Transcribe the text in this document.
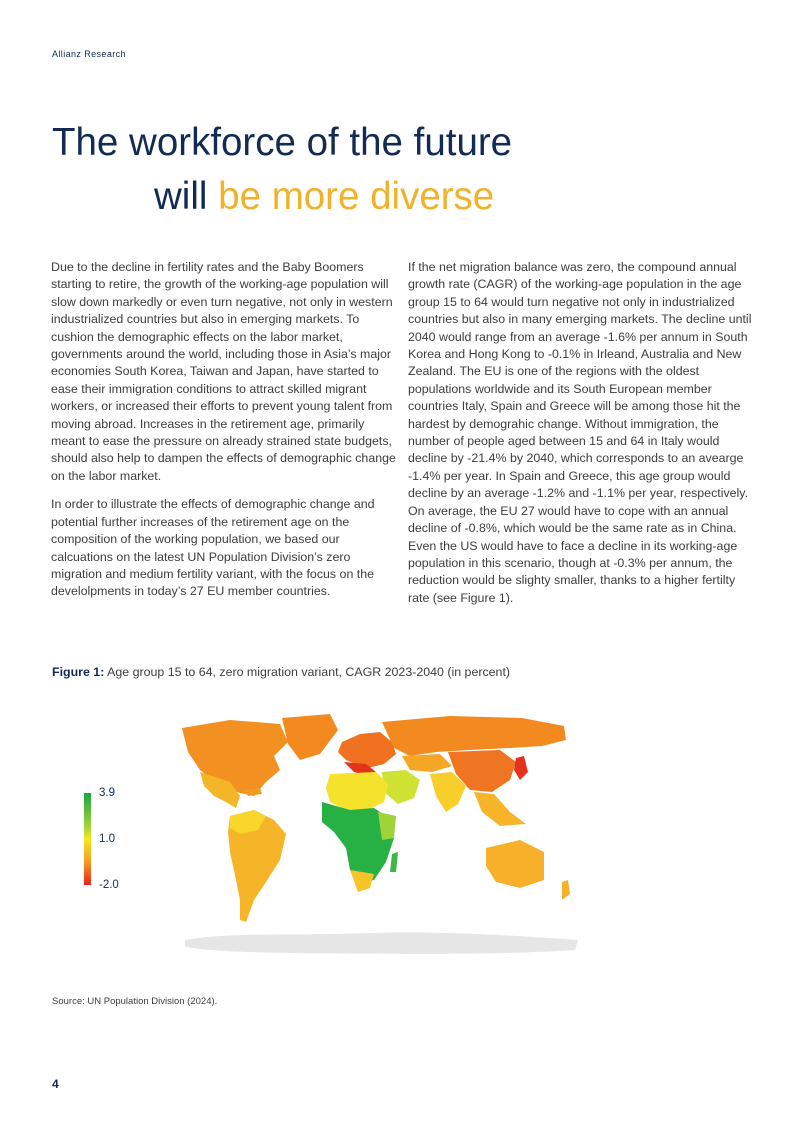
Allianz Research
The workforce of the future
will be more diverse

Due to the decline in fertility rates and the Baby Boomers starting to retire, the growth of the working-age population will slow down markedly or even turn negative, not only in western industrialized countries but also in emerging markets. To cushion the demographic effects on the labor market, governments around the world, including those in Asia’s major economies South Korea, Taiwan and Japan, have started to ease their immigration conditions to attract skilled migrant workers, or increased their efforts to prevent young talent from moving abroad. Increases in the retirement age, primarily meant to ease the pressure on already strained state budgets, should also help to dampen the effects of demographic change on the labor market.

In order to illustrate the effects of demographic change and potential further increases of the retirement age on the composition of the working population, we based our calcuations on the latest UN Population Division’s zero migration and medium fertility variant, with the focus on the develolpments in today’s 27 EU member countries.

If the net migration balance was zero, the compound annual growth rate (CAGR) of the working-age population in the age group 15 to 64 would turn negative not only in industrialized countries but also in many emerging markets. The decline until 2040 would range from an average -1.6% per annum in South Korea and Hong Kong to -0.1% in Irleand, Australia and New Zealand. The EU is one of the regions with the oldest populations worldwide and its South European member countries Italy, Spain and Greece will be among those hit the hardest by demograhic change. Without immigration, the number of people aged between 15 and 64 in Italy would decline by -21.4% by 2040, which corresponds to an avearge -1.4% per year. In Spain and Greece, this age group would decline by an average -1.2% and -1.1% per year, respectively. On average, the EU 27 would have to cope with an annual decline of -0.8%, which would be the same rate as in China. Even the US would have to face a decline in its working-age population in this scenario, though at -0.3% per annum, the reduction would be slighty smaller, thanks to a higher fertilty rate (see Figure 1).

Figure 1: Age group 15 to 64, zero migration variant, CAGR 2023-2040 (in percent)
3.9
1.0
-2.0
Source: UN Population Division (2024).
4
